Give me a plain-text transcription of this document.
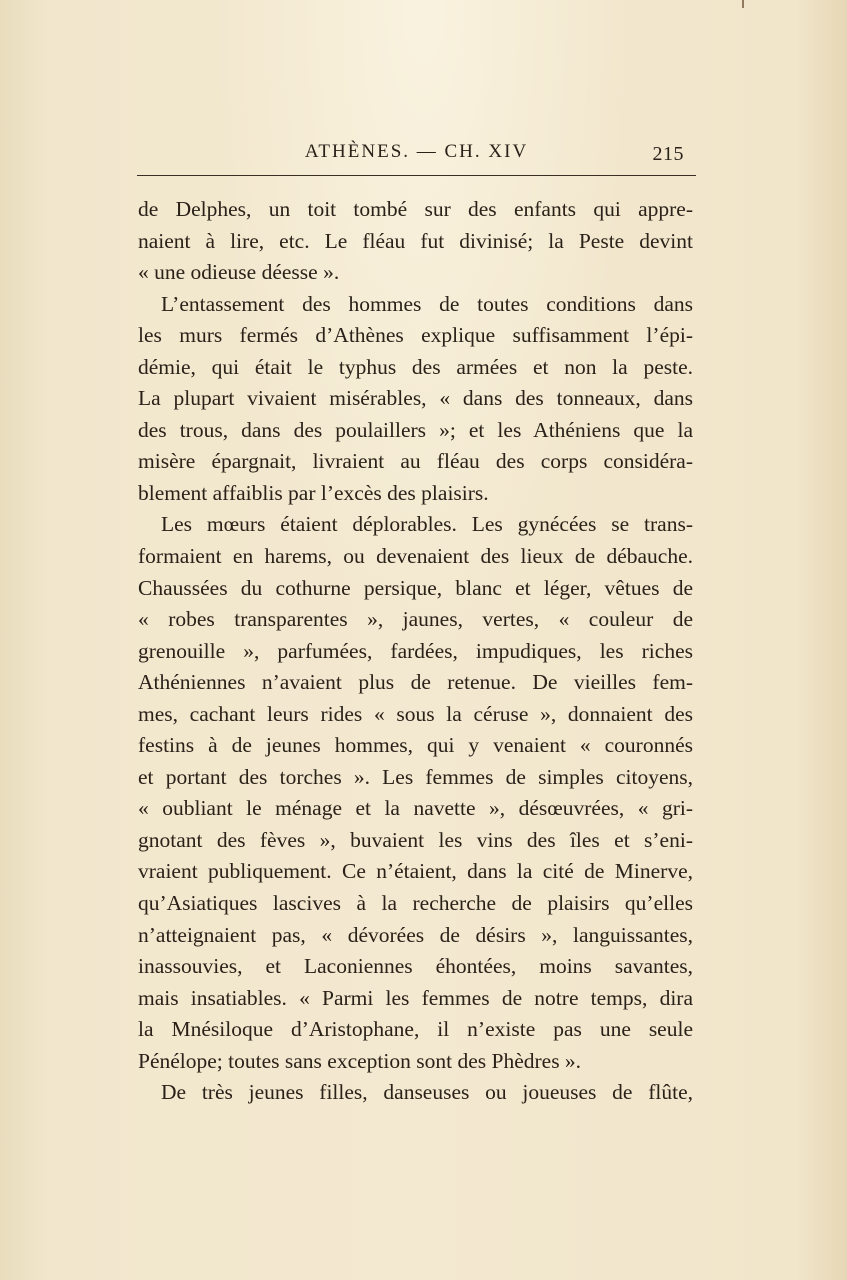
ATHÈNES. — CH. XIV	215
de Delphes, un toit tombé sur des enfants qui appre-
naient à lire, etc. Le fléau fut divinisé; la Peste devint
« une odieuse déesse ».
L’entassement des hommes de toutes conditions dans
les murs fermés d’Athènes explique suffisamment l’épi-
démie, qui était le typhus des armées et non la peste.
La plupart vivaient misérables, « dans des tonneaux, dans
des trous, dans des poulaillers »; et les Athéniens que la
misère épargnait, livraient au fléau des corps considéra-
blement affaiblis par l’excès des plaisirs.
Les mœurs étaient déplorables. Les gynécées se trans-
formaient en harems, ou devenaient des lieux de débauche.
Chaussées du cothurne persique, blanc et léger, vêtues de
« robes transparentes », jaunes, vertes, « couleur de
grenouille », parfumées, fardées, impudiques, les riches
Athéniennes n’avaient plus de retenue. De vieilles fem-
mes, cachant leurs rides « sous la céruse », donnaient des
festins à de jeunes hommes, qui y venaient « couronnés
et portant des torches ». Les femmes de simples citoyens,
« oubliant le ménage et la navette », désœuvrées, « gri-
gnotant des fèves », buvaient les vins des îles et s’eni-
vraient publiquement. Ce n’étaient, dans la cité de Minerve,
qu’Asiatiques lascives à la recherche de plaisirs qu’elles
n’atteignaient pas, « dévorées de désirs », languissantes,
inassouvies, et Laconiennes éhontées, moins savantes,
mais insatiables. « Parmi les femmes de notre temps, dira
la Mnésiloque d’Aristophane, il n’existe pas une seule
Pénélope; toutes sans exception sont des Phèdres ».
De très jeunes filles, danseuses ou joueuses de flûte,
